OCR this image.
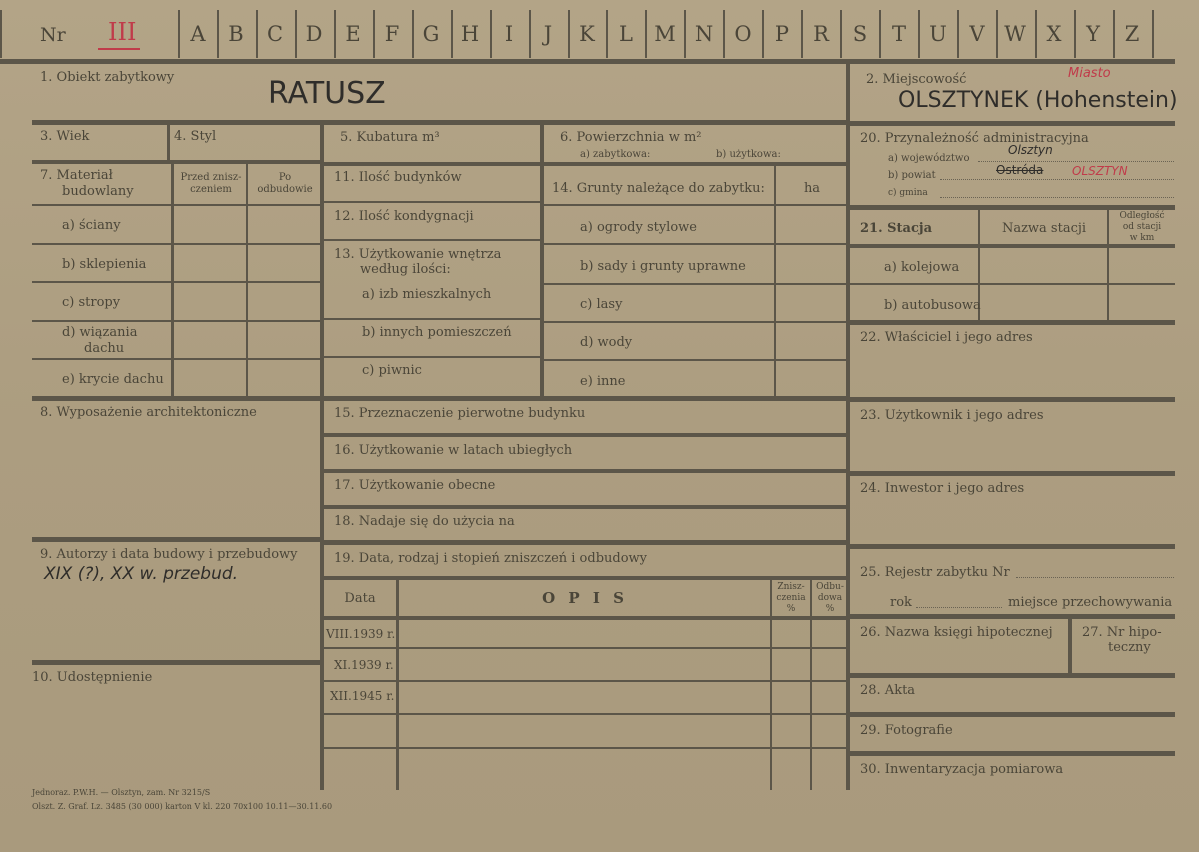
Nr III	A	B	C	D	E	F	G	H	I	J	K	L	M N	O	P	R	S	T	U	V W X	Y	Z
1. Obiekt zabytkowy	RATUSZ
3. Wiek	4. Styl
7. Materiał
budowlany
Przed znisz-
czeniem
Po
odbudowie
a) ściany
b) sklepienia
c) stropy
d) wiązania
dachu
e) krycie dachu
8. Wyposażenie architektoniczne
9. Autorzy i data budowy i przebudowy
XIX (?), XX w. przebud.
10. Udostępnienie
5. Kubatura m³	6. Powierzchnia w m²
a) zabytkowa:	b) użytkowa:
11. Ilość budynków
12. Ilość kondygnacji
13. Użytkowanie wnętrza
według ilości:
a) izb mieszkalnych
b) innych pomieszczeń
c) piwnic
14. Grunty należące do zabytku:	ha
a) ogrody stylowe
b) sady i grunty uprawne
c) lasy
d) wody
e) inne
15. Przeznaczenie pierwotne budynku
16. Użytkowanie w latach ubiegłych
17. Użytkowanie obecne
18. Nadaje się do użycia na
19. Data, rodzaj i stopień zniszczeń i odbudowy
Data	O P I S
Znisz-
czenia
%
Odbu-
dowa
%
VIII.1939 r.
XI.1939 r.
XII.1945 r.
2. Miejscowość	Miasto
OLSZTYNEK (Hohenstein)
20. Przynależność administracyjna
a) województwo
Olsztyn
b) powiat	Ostróda OLSZTYN
c) gmina
21. Stacja	Nazwa stacji
Odległość
od stacji
w km
a) kolejowa
b) autobusowa
22. Właściciel i jego adres
23. Użytkownik i jego adres
24. Inwestor i jego adres
25. Rejestr zabytku Nr
rok	miejsce przechowywania
26. Nazwa księgi hipotecznej 27. Nr hipo-
teczny
28. Akta
29. Fotografie
30. Inwentaryzacja pomiarowa
Jednoraz. P.W.H. — Olsztyn, zam. Nr 3215/S
Olszt. Z. Graf. Lz. 3485 (30 000) karton V kl. 220 70x100 10.11—30.11.60
